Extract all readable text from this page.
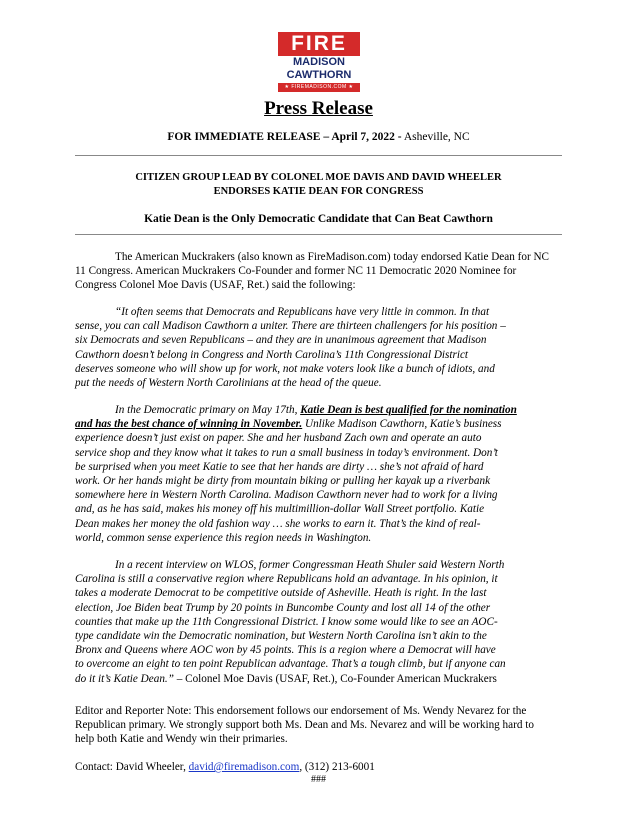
FIRE
MADISON
CAWTHORN
★ FIREMADISON.COM ★
Press Release
FOR IMMEDIATE RELEASE – April 7, 2022 - Asheville, NC
CITIZEN GROUP LEAD BY COLONEL MOE DAVIS AND DAVID WHEELER
ENDORSES KATIE DEAN FOR CONGRESS
Katie Dean is the Only Democratic Candidate that Can Beat Cawthorn
The American Muckrakers (also known as FireMadison.com) today endorsed Katie Dean for NC
11 Congress. American Muckrakers Co-Founder and former NC 11 Democratic 2020 Nominee for
Congress Colonel Moe Davis (USAF, Ret.) said the following:
“It often seems that Democrats and Republicans have very little in common. In that
sense, you can call Madison Cawthorn a uniter. There are thirteen challengers for his position –
six Democrats and seven Republicans – and they are in unanimous agreement that Madison
Cawthorn doesn’t belong in Congress and North Carolina’s 11th Congressional District
deserves someone who will show up for work, not make voters look like a bunch of idiots, and
put the needs of Western North Carolinians at the head of the queue.
In the Democratic primary on May 17th, Katie Dean is best qualified for the nomination
and has the best chance of winning in November. Unlike Madison Cawthorn, Katie’s business
experience doesn’t just exist on paper. She and her husband Zach own and operate an auto
service shop and they know what it takes to run a small business in today’s environment. Don’t
be surprised when you meet Katie to see that her hands are dirty … she’s not afraid of hard
work. Or her hands might be dirty from mountain biking or pulling her kayak up a riverbank
somewhere here in Western North Carolina. Madison Cawthorn never had to work for a living
and, as he has said, makes his money off his multimillion-dollar Wall Street portfolio. Katie
Dean makes her money the old fashion way … she works to earn it. That’s the kind of real-
world, common sense experience this region needs in Washington.
In a recent interview on WLOS, former Congressman Heath Shuler said Western North
Carolina is still a conservative region where Republicans hold an advantage. In his opinion, it
takes a moderate Democrat to be competitive outside of Asheville. Heath is right. In the last
election, Joe Biden beat Trump by 20 points in Buncombe County and lost all 14 of the other
counties that make up the 11th Congressional District. I know some would like to see an AOC-
type candidate win the Democratic nomination, but Western North Carolina isn’t akin to the
Bronx and Queens where AOC won by 45 points. This is a region where a Democrat will have
to overcome an eight to ten point Republican advantage. That’s a tough climb, but if anyone can
do it it’s Katie Dean.” – Colonel Moe Davis (USAF, Ret.), Co-Founder American Muckrakers
Editor and Reporter Note: This endorsement follows our endorsement of Ms. Wendy Nevarez for the
Republican primary. We strongly support both Ms. Dean and Ms. Nevarez and will be working hard to
help both Katie and Wendy win their primaries.
Contact: David Wheeler, david@firemadison.com, (312) 213-6001
###
